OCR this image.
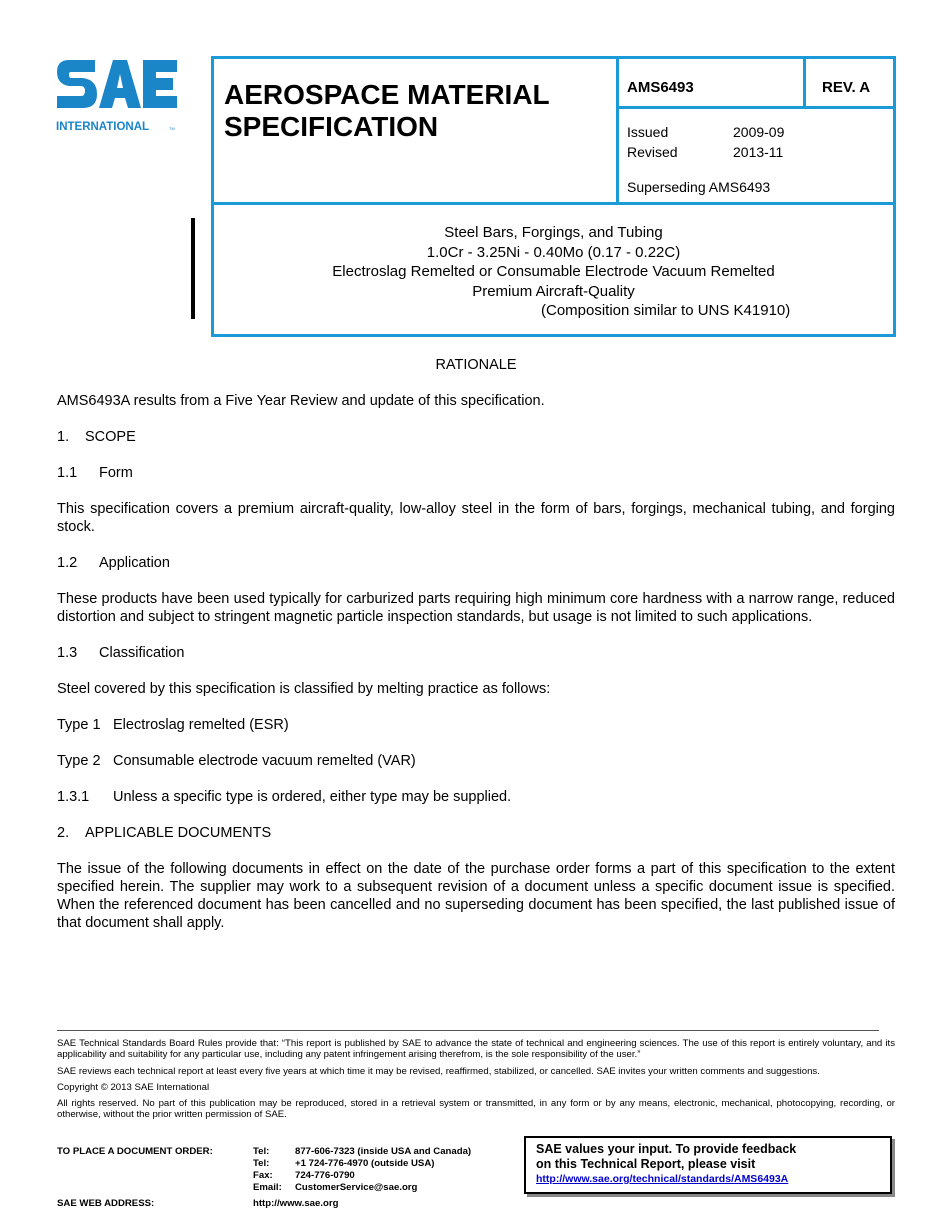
INTERNATIONAL	TM
AEROSPACE MATERIAL
SPECIFICATION
AMS6493	REV. A
Issued	2009-09
Revised	2013-11
Superseding AMS6493
Steel Bars, Forgings, and Tubing
1.0Cr - 3.25Ni - 0.40Mo (0.17 - 0.22C)
Electroslag Remelted or Consumable Electrode Vacuum Remelted
Premium Aircraft-Quality
(Composition similar to UNS K41910)
RATIONALE
AMS6493A results from a Five Year Review and update of this specification.
1.	SCOPE
1.1	Form
This specification covers a premium aircraft-quality, low-alloy steel in the form of bars, forgings, mechanical tubing, and forging stock.
1.2	Application
These products have been used typically for carburized parts requiring high minimum core hardness with a narrow range, reduced distortion and subject to stringent magnetic particle inspection standards, but usage is not limited to such applications.
1.3	Classification
Steel covered by this specification is classified by melting practice as follows:
Type 1 Electroslag remelted (ESR)
Type 2 Consumable electrode vacuum remelted (VAR)
1.3.1	Unless a specific type is ordered, either type may be supplied.
2.	APPLICABLE DOCUMENTS
The issue of the following documents in effect on the date of the purchase order forms a part of this specification to the extent specified herein. The supplier may work to a subsequent revision of a document unless a specific document issue is specified. When the referenced document has been cancelled and no superseding document has been specified, the last published issue of that document shall apply.

SAE Technical Standards Board Rules provide that: “This report is published by SAE to advance the state of technical and engineering sciences. The use of this report is entirely voluntary, and its applicability and suitability for any particular use, including any patent infringement arising therefrom, is the sole responsibility of the user.”

SAE reviews each technical report at least every five years at which time it may be revised, reaffirmed, stabilized, or cancelled. SAE invites your written comments and suggestions.

Copyright © 2013 SAE International

All rights reserved. No part of this publication may be reproduced, stored in a retrieval system or transmitted, in any form or by any means, electronic, mechanical, photocopying, recording, or otherwise, without the prior written permission of SAE.

TO PLACE A DOCUMENT ORDER:	Tel:	877-606-7323 (inside USA and Canada)
Tel:	+1 724-776-4970 (outside USA)
Fax: 724-776-0790
Email: CustomerService@sae.org
SAE WEB ADDRESS:	http://www.sae.org
SAE values your input. To provide feedback
on this Technical Report, please visit
http://www.sae.org/technical/standards/AMS6493A
